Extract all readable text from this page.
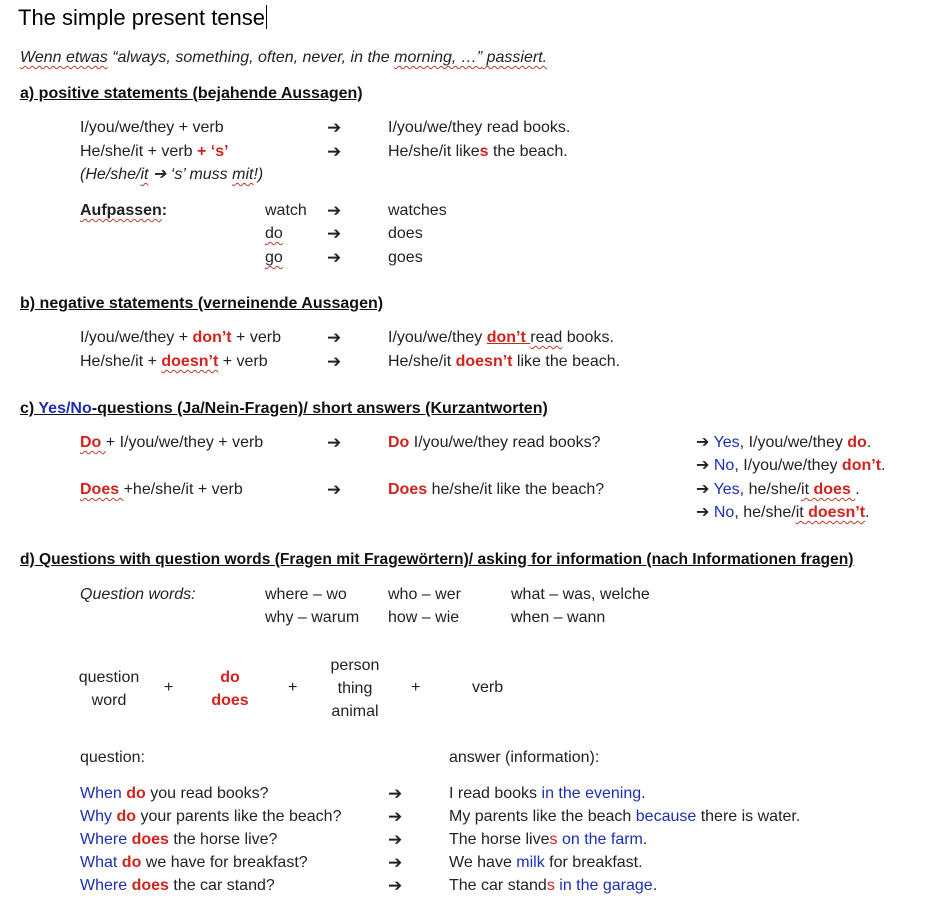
The simple present tense
Wenn etwas “always, something, often, never, in the morning, …” passiert.
a) positive statements (bejahende Aussagen)
I/you/we/they + verb	➔	I/you/we/they read books.
He/she/it + verb + ‘s’	➔	He/she/it likes the beach.
(He/she/it ➔ ‘s’ muss mit!)
Aufpassen:	watch ➔	watches
do	➔	does
go	➔	goes
b) negative statements (verneinende Aussagen)
I/you/we/they + don’t + verb	➔	I/you/we/they don’t read books.
He/she/it + doesn’t + verb	➔	He/she/it doesn’t like the beach.
c) Yes/No-questions (Ja/Nein-Fragen)/ short answers (Kurzantworten)
Do + I/you/we/they + verb	➔	Do I/you/we/they read books?
Does +he/she/it + verb	➔	Does he/she/it like the beach?
➔ Yes, I/you/we/they do.
➔ No, I/you/we/they don’t.
➔ Yes, he/she/it does .
➔ No, he/she/it doesn’t.
d) Questions with question words (Fragen mit Fragewörtern)/ asking for information (nach Informationen fragen)
Question words:	where – wo	who – wer	what – was, welche
why – warum how – wie	when – wann
question
word
+
do
does
+
person
thing
animal
+	verb
question:	answer (information):
When do you read books?	➔	I read books in the evening.
Why do your parents like the beach?	➔	My parents like the beach because there is water.
Where does the horse live?	➔	The horse lives on the farm.
What do we have for breakfast?	➔	We have milk for breakfast.
Where does the car stand?	➔	The car stands in the garage.
